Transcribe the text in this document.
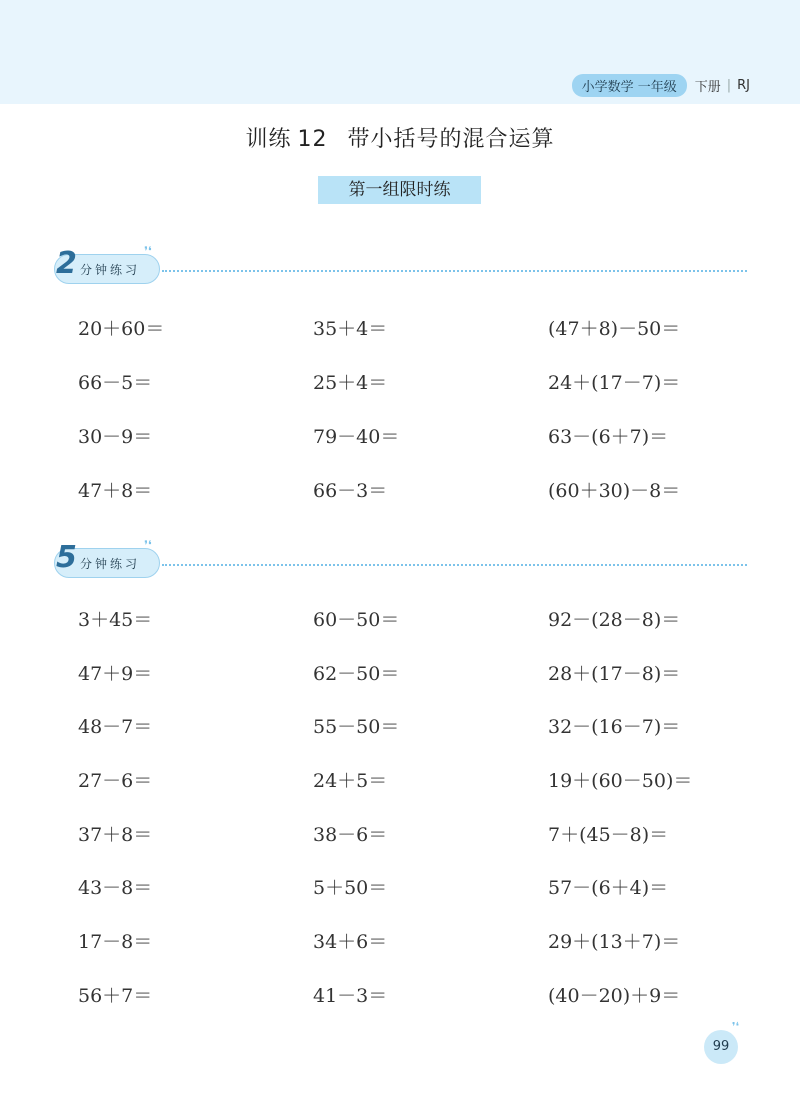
小学数学 一年级	下册 | RJ
训练 12 带小括号的混合运算
第一组限时练
2 分钟练习
❜❛
20＋60＝	35＋4＝	(47＋8)－50＝
66－5＝	25＋4＝	24＋(17－7)＝
30－9＝	79－40＝	63－(6＋7)＝
47＋8＝	66－3＝	(60＋30)－8＝
5 分钟练习
❜❛
3＋45＝	60－50＝	92－(28－8)＝
47＋9＝	62－50＝	28＋(17－8)＝
48－7＝	55－50＝	32－(16－7)＝
27－6＝	24＋5＝	19＋(60－50)＝
37＋8＝	38－6＝	7＋(45－8)＝
43－8＝	5＋50＝	57－(6＋4)＝
17－8＝	34＋6＝	29＋(13＋7)＝
56＋7＝	41－3＝	(40－20)＋9＝
99
❜❛
